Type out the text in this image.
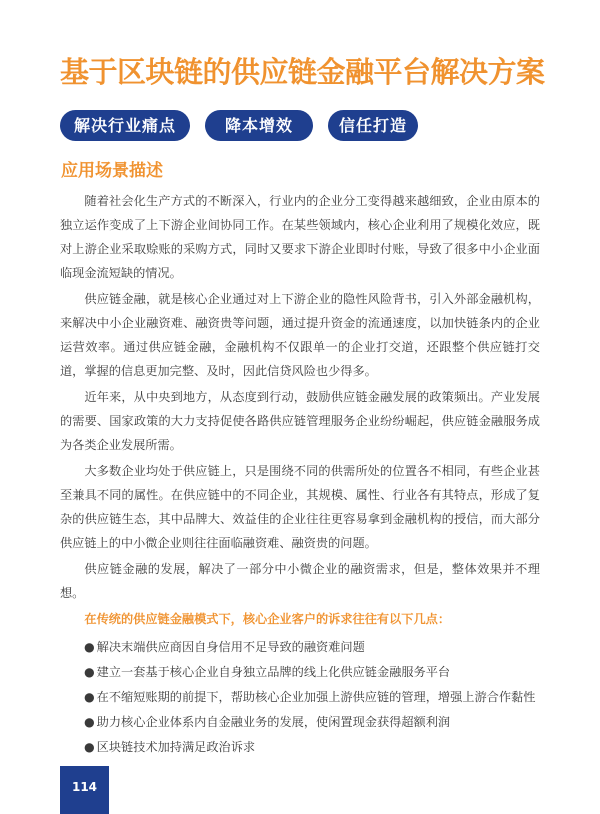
基于区块链的供应链金融平台解决方案
解决行业痛点	降本增效	信任打造
应用场景描述

随着社会化生产方式的不断深入，行业内的企业分工变得越来越细致，企业由原本的独立运作变成了上下游企业间协同工作。在某些领域内，核心企业利用了规模化效应，既对上游企业采取赊账的采购方式，同时又要求下游企业即时付账，导致了很多中小企业面临现金流短缺的情况。

供应链金融，就是核心企业通过对上下游企业的隐性风险背书，引入外部金融机构，来解决中小企业融资难、融资贵等问题，通过提升资金的流通速度，以加快链条内的企业运营效率。通过供应链金融，金融机构不仅跟单一的企业打交道，还跟整个供应链打交道，掌握的信息更加完整、及时，因此信贷风险也少得多。

近年来，从中央到地方，从态度到行动，鼓励供应链金融发展的政策频出。产业发展的需要、国家政策的大力支持促使各路供应链管理服务企业纷纷崛起，供应链金融服务成为各类企业发展所需。

大多数企业均处于供应链上，只是围绕不同的供需所处的位置各不相同，有些企业甚至兼具不同的属性。在供应链中的不同企业，其规模、属性、行业各有其特点，形成了复杂的供应链生态，其中品牌大、效益佳的企业往往更容易拿到金融机构的授信，而大部分供应链上的中小微企业则往往面临融资难、融资贵的问题。

供应链金融的发展，解决了一部分中小微企业的融资需求，但是，整体效果并不理想。

在传统的供应链金融模式下，核心企业客户的诉求往往有以下几点：

● 解决末端供应商因自身信用不足导致的融资难问题
● 建立一套基于核心企业自身独立品牌的线上化供应链金融服务平台
● 在不缩短账期的前提下，帮助核心企业加强上游供应链的管理，增强上游合作黏性
● 助力核心企业体系内自金融业务的发展，使闲置现金获得超额利润
● 区块链技术加持满足政治诉求
114
